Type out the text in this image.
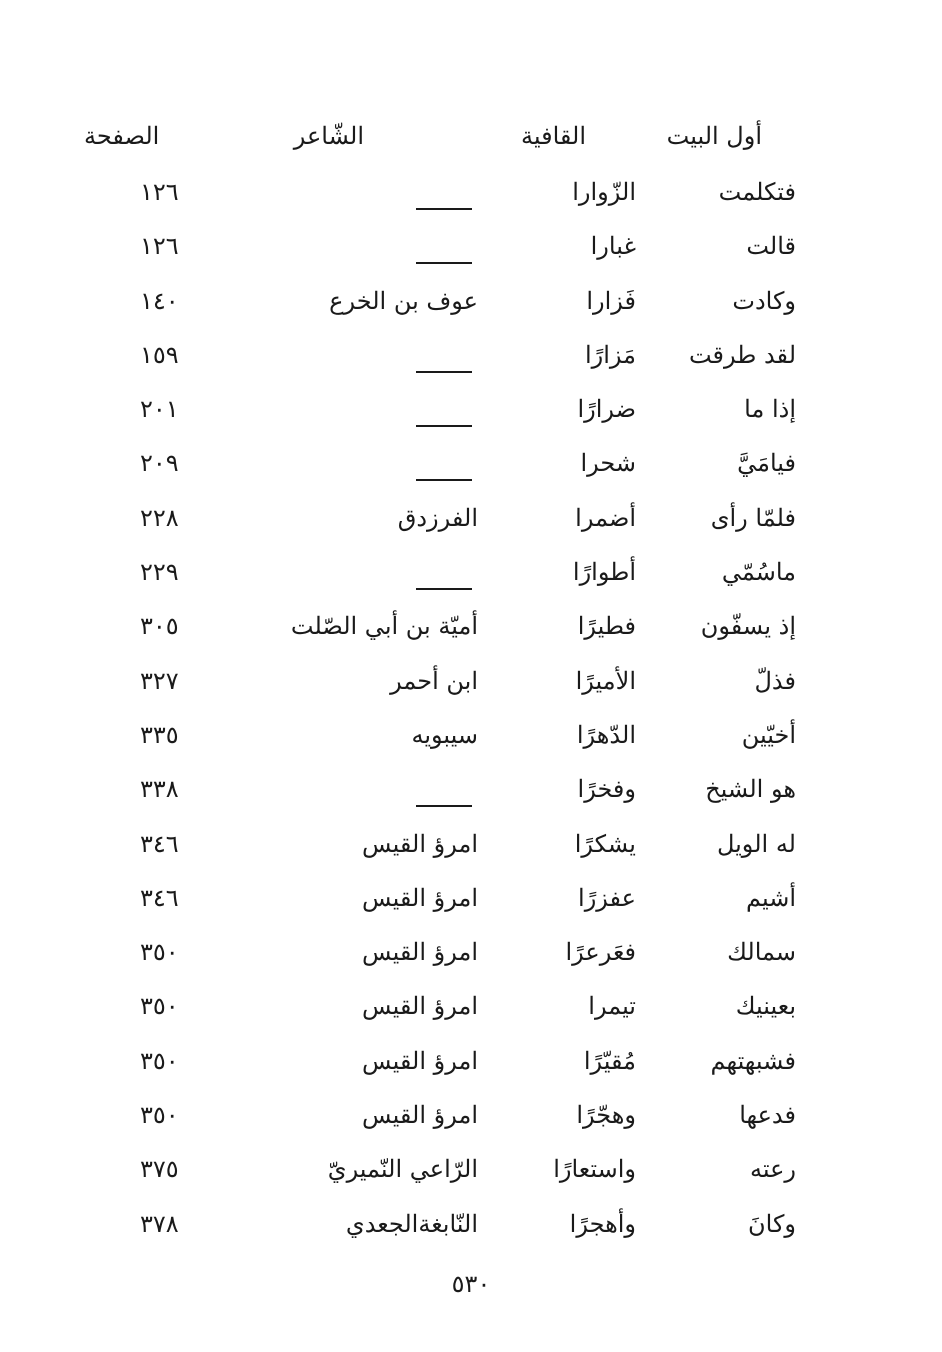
أول البيت
القافية
الشّاعر
الصفحة
فتكلمت
الزّوارا
١٢٦
قالت
غبارا
١٢٦
وكادت
فَزارا
عوف بن الخرع
١٤٠
لقد طرقت
مَزارًا
١٥٩
إذا ما
ضرارًا
٢٠١
فيامَيَّ
شحرا
٢٠٩
فلمّا رأى
أضمرا
الفرزدق
٢٢٨
ماسُمّي
أطوارًا
٢٢٩
إذ يسفّون
فطيرًا
أميّة بن أبي الصّلت
٣٠٥
فذلّ
الأميرًا
ابن أحمر
٣٢٧
أخيّين
الدّهرًا
سيبويه
٣٣٥
هو الشيخ
وفخرًا
٣٣٨
له الويل
يشكرًا
امرؤ القيس
٣٤٦
أشيم
عفزرًا
امرؤ القيس
٣٤٦
سمالك
فعَرعرًا
امرؤ القيس
٣٥٠
بعينيك
تيمرا
امرؤ القيس
٣٥٠
فشبهتهم
مُقيّرًا
امرؤ القيس
٣٥٠
فدعها
وهجّرًا
امرؤ القيس
٣٥٠
رعته
واستعارًا
الرّاعي النّميريّ
٣٧٥
وكانَ
وأهجرًا
النّابغةالجعدي
٣٧٨
٥٣٠
